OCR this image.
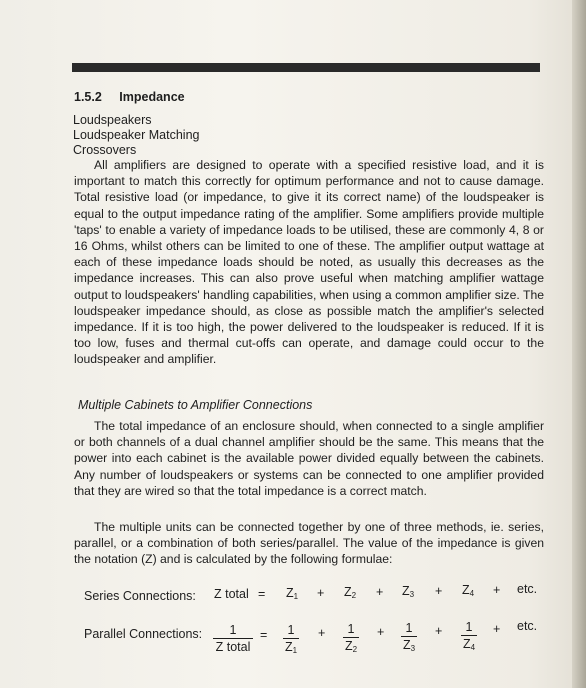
1.5.2 Impedance
Loudspeakers
Loudspeaker Matching
Crossovers

All amplifiers are designed to operate with a specified resistive load, and it is important to match this correctly for optimum performance and not to cause damage. Total resistive load (or impedance, to give it its correct name) of the loudspeaker is equal to the output impedance rating of the amplifier. Some amplifiers provide multiple 'taps' to enable a variety of impedance loads to be utilised, these are commonly 4, 8 or 16 Ohms, whilst others can be limited to one of these. The amplifier output wattage at each of these impedance loads should be noted, as usually this decreases as the impedance increases. This can also prove useful when matching amplifier wattage output to loudspeakers' handling capabilities, when using a common amplifier size. The loudspeaker impedance should, as close as possible match the amplifier's selected impedance. If it is too high, the power delivered to the loudspeaker is reduced. If it is too low, fuses and thermal cut-offs can operate, and damage could occur to the loudspeaker and amplifier.

Multiple Cabinets to Amplifier Connections

The total impedance of an enclosure should, when connected to a single amplifier or both channels of a dual channel amplifier should be the same. This means that the power into each cabinet is the available power divided equally between the cabinets. Any number of loudspeakers or systems can be connected to one amplifier provided that they are wired so that the total impedance is a correct match.

The multiple units can be connected together by one of three methods, ie. series, parallel, or a combination of both series/parallel. The value of the impedance is given the notation (Z) and is calculated by the following formulae:

Series Connections: Z total = $Z_1 + Z_2 + Z_3 + Z_4$ + etc.
Parallel Connections:	1
Z total
=	1
$Z_1$
+	1
$Z_2$
+	1
$Z_3$
+	1
$Z_4$
+ etc.
